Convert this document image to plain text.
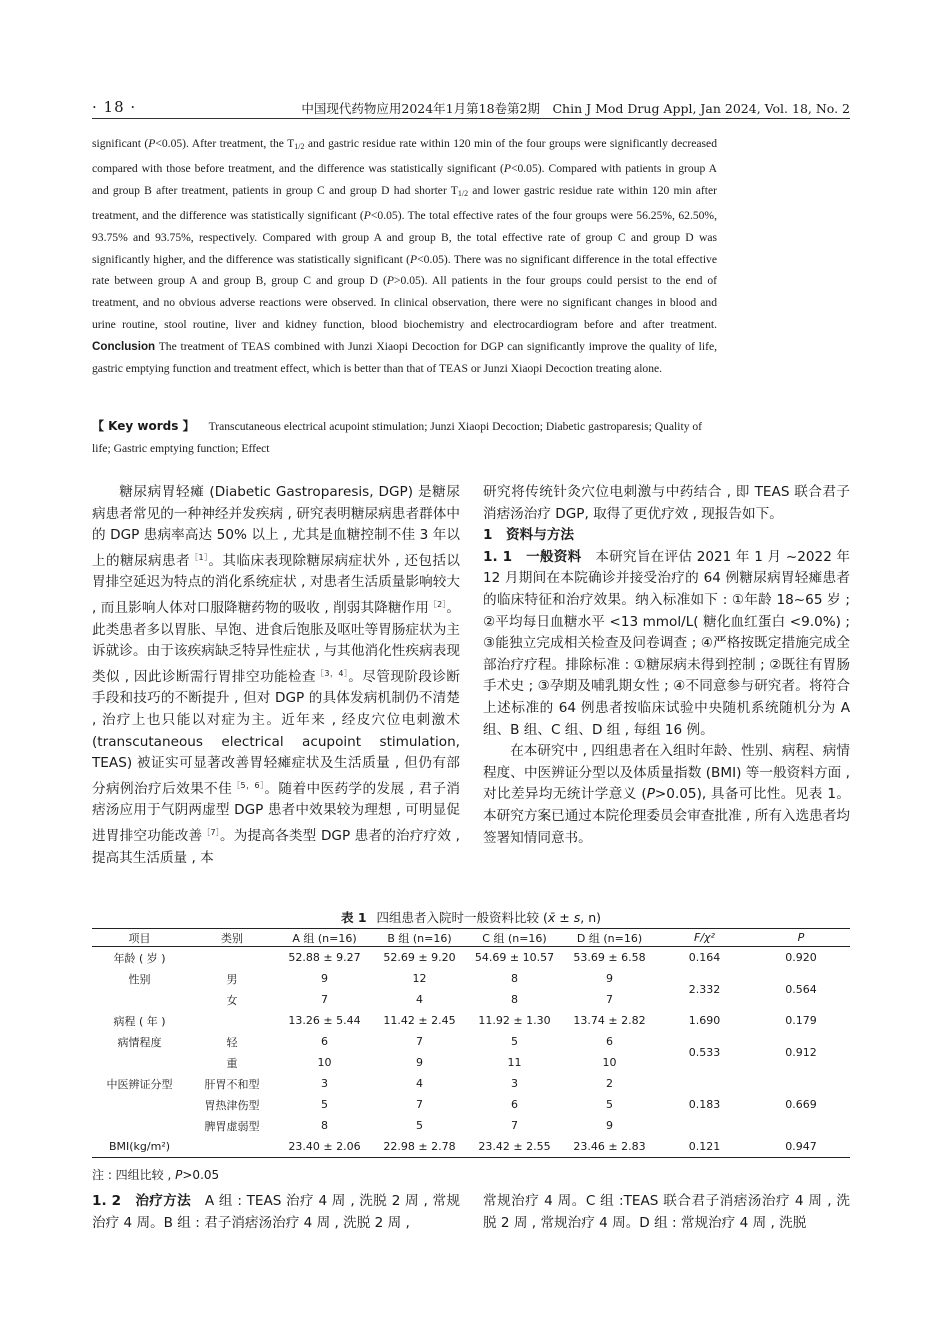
· 18 ·	中国现代药物应用2024年1月第18卷第2期　Chin J Mod Drug Appl, Jan 2024, Vol. 18, No. 2

significant (P<0.05). After treatment, the $T_{1/2}$ and gastric residue rate within 120 min of the four groups were significantly decreased compared with those before treatment, and the difference was statistically significant (P<0.05). Compared with patients in group A and group B after treatment, patients in group C and group D had shorter $T_{1/2}$ and lower gastric residue rate within 120 min after treatment, and the difference was statistically significant (P<0.05). The total effective rates of the four groups were 56.25%, 62.50%, 93.75% and 93.75%, respectively. Compared with group A and group B, the total effective rate of group C and group D was significantly higher, and the difference was statistically significant (P<0.05). There was no significant difference in the total effective rate between group A and group B, group C and group D (P>0.05). All patients in the four groups could persist to the end of treatment, and no obvious adverse reactions were observed. In clinical observation, there were no significant changes in blood and urine routine, stool routine, liver and kidney function, blood biochemistry and electrocardiogram before and after treatment. Conclusion The treatment of TEAS combined with Junzi Xiaopi Decoction for DGP can significantly improve the quality of life, gastric emptying function and treatment effect, which is better than that of TEAS or Junzi Xiaopi Decoction treating alone.

【 Key words 】 Transcutaneous electrical acupoint stimulation; Junzi Xiaopi Decoction; Diabetic gastroparesis; Quality of life; Gastric emptying function; Effect

糖尿病胃轻瘫 (Diabetic Gastroparesis, DGP) 是糖尿病患者常见的一种神经并发疾病 , 研究表明糖尿病患者群体中的 DGP 患病率高达 50% 以上 , 尤其是血糖控制不佳 3 年以上的糖尿病患者$^{[1]}$。其临床表现除糖尿病症状外 , 还包括以胃排空延迟为特点的消化系统症状 , 对患者生活质量影响较大 , 而且影响人体对口服降糖药物的吸收 , 削弱其降糖作用$^{[2]}$。此类患者多以胃胀、早饱、进食后饱胀及呕吐等胃肠症状为主诉就诊。由于该疾病缺乏特异性症状 , 与其他消化性疾病表现类似 , 因此诊断需行胃排空功能检查$^{[3,4]}$。尽管现阶段诊断手段和技巧的不断提升 , 但对 DGP 的具体发病机制仍不清楚 , 治疗上也只能以对症为主。近年来 , 经皮穴位电刺激术 (transcutaneous electrical acupoint stimulation, TEAS) 被证实可显著改善胃轻瘫症状及生活质量 , 但仍有部分病例治疗后效果不佳$^{[5,6]}$。随着中医药学的发展 , 君子消痞汤应用于气阴两虚型 DGP 患者中效果较为理想 , 可明显促进胃排空功能改善$^{[7]}$。为提高各类型 DGP 患者的治疗疗效 , 提高其生活质量 , 本

研究将传统针灸穴位电刺激与中药结合 , 即 TEAS 联合君子消痞汤治疗 DGP, 取得了更优疗效 , 现报告如下。

1　资料与方法

1. 1　一般资料　 本研究旨在评估 2021 年 1 月 ~2022 年 12 月期间在本院确诊并接受治疗的 64 例糖尿病胃轻瘫患者的临床特征和治疗效果。纳入标准如下 : ①年龄 18~65 岁 ; ②平均每日血糖水平 <13 mmol/L( 糖化血红蛋白 <9.0%) ; ③能独立完成相关检查及问卷调查 ; ④严格按既定措施完成全部治疗疗程。排除标准 : ①糖尿病未得到控制 ; ②既往有胃肠手术史 ; ③孕期及哺乳期女性 ; ④不同意参与研究者。将符合上述标准的 64 例患者按临床试验中央随机系统随机分为 A 组、B 组、C 组、D 组 , 每组 16 例。

在本研究中 , 四组患者在入组时年龄、性别、病程、病情程度、中医辨证分型以及体质量指数 (BMI) 等一般资料方面 , 对比差异均无统计学意义 (P>0.05), 具备可比性。见表 1。本研究方案已通过本院伦理委员会审查批准 , 所有入选患者均签署知情同意书。

表 1 四组患者入院时一般资料比较 (x̄ ± s, n)
项目	类别	A 组 (n=16)	B 组 (n=16)	C 组 (n=16)	D 组 (n=16)	F/χ²	P
年龄 ( 岁 )		52.88 ± 9.27	52.69 ± 9.20	54.69 ± 10.57	53.69 ± 6.58	0.164	0.920
性别	男	9	12	8	9	2.332	0.564
	女	7	4	8	7		
病程 ( 年 )		13.26 ± 5.44	11.42 ± 2.45	11.92 ± 1.30	13.74 ± 2.82	1.690	0.179
病情程度	轻	6	7	5	6	0.533	0.912
	重	10	9	11	10		
中医辨证分型	肝胃不和型	3	4	3	2	0.183	0.669
	胃热津伤型	5	7	6	5		
	脾胃虚弱型	8	5	7	9		
BMI(kg/m²)		23.40 ± 2.06	22.98 ± 2.78	23.42 ± 2.55	23.46 ± 2.83	0.121	0.947
注 : 四组比较 , P>0.05

1. 2　治疗方法　 A 组 : TEAS 治疗 4 周 , 洗脱 2 周 , 常规治疗 4 周。B 组 : 君子消痞汤治疗 4 周 , 洗脱 2 周 ,

常规治疗 4 周。C 组 :TEAS 联合君子消痞汤治疗 4 周 , 洗脱 2 周 , 常规治疗 4 周。D 组 : 常规治疗 4 周 , 洗脱
